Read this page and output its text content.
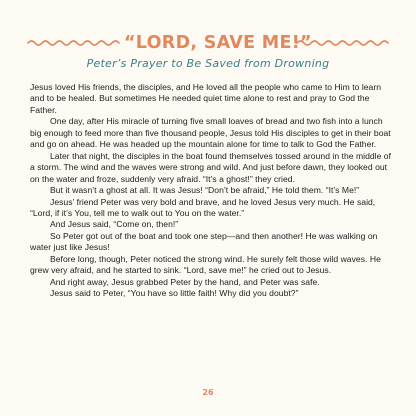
“LORD, SAVE ME!”
Peter’s Prayer to Be Saved from Drowning

Jesus loved His friends, the disciples, and He loved all the people who came to Him to learn and to be healed. But sometimes He needed quiet time alone to rest and pray to God the Father.

One day, after His miracle of turning five small loaves of bread and two fish into a lunch big enough to feed more than five thousand people, Jesus told His disciples to get in their boat and go on ahead. He was headed up the mountain alone for time to talk to God the Father.

Later that night, the disciples in the boat found themselves tossed around in the middle of a storm. The wind and the waves were strong and wild. And just before dawn, they looked out on the water and froze, suddenly very afraid. “It’s a ghost!” they cried.

But it wasn’t a ghost at all. It was Jesus! “Don’t be afraid,” He told them. “It’s Me!”

Jesus’ friend Peter was very bold and brave, and he loved Jesus very much. He said, “Lord, if it’s You, tell me to walk out to You on the water.”

And Jesus said, “Come on, then!”

So Peter got out of the boat and took one step—and then another! He was walking on water just like Jesus!

Before long, though, Peter noticed the strong wind. He surely felt those wild waves. He grew very afraid, and he started to sink. “Lord, save me!” he cried out to Jesus.

And right away, Jesus grabbed Peter by the hand, and Peter was safe.

Jesus said to Peter, “You have so little faith! Why did you doubt?”

26
